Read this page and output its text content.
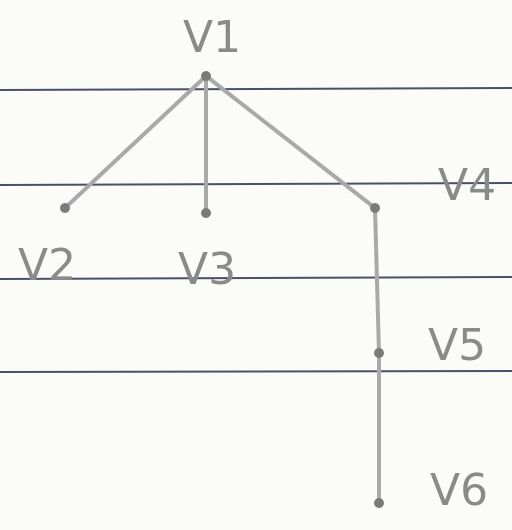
V1
V2 V3
V4
V5
V6
